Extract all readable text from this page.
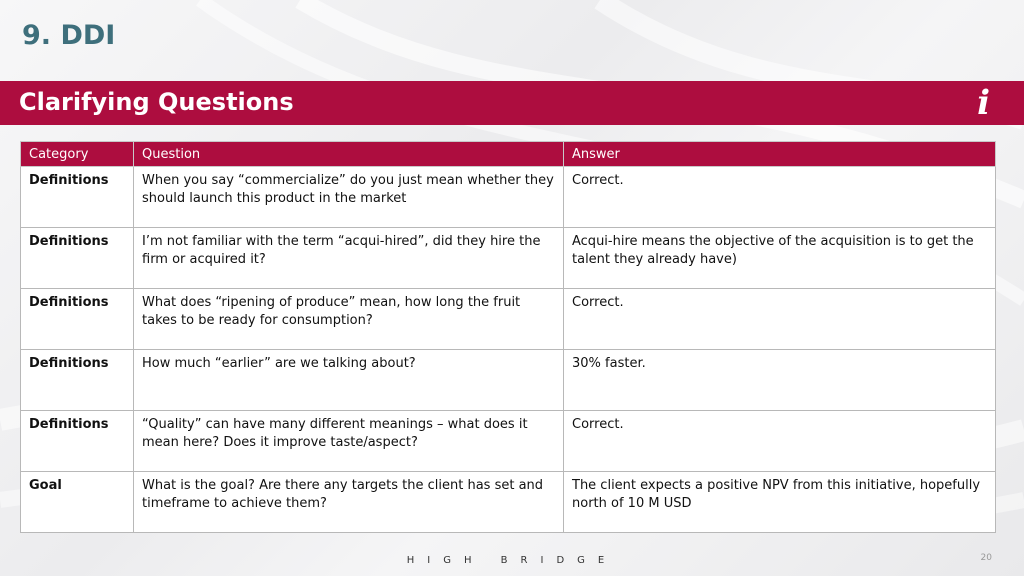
9. DDI
Clarifying Questions	i
Category	Question	Answer
Definitions	When you say “commercialize” do you just mean whether they should launch this product in the market	Correct.
Definitions	I’m not familiar with the term “acqui-hired”, did they hire the firm or acquired it?	Acqui-hire means the objective of the acquisition is to get the talent they already have)
Definitions	What does “ripening of produce” mean, how long the fruit takes to be ready for consumption?	Correct.
Definitions	How much “earlier” are we talking about?	30% faster.
Definitions	“Quality” can have many different meanings – what does it mean here? Does it improve taste/aspect?	Correct.
Goal	What is the goal? Are there any targets the client has set and timeframe to achieve them?	The client expects a positive NPV from this initiative, hopefully north of 10 M USD
HIGH BRIDGE	20
